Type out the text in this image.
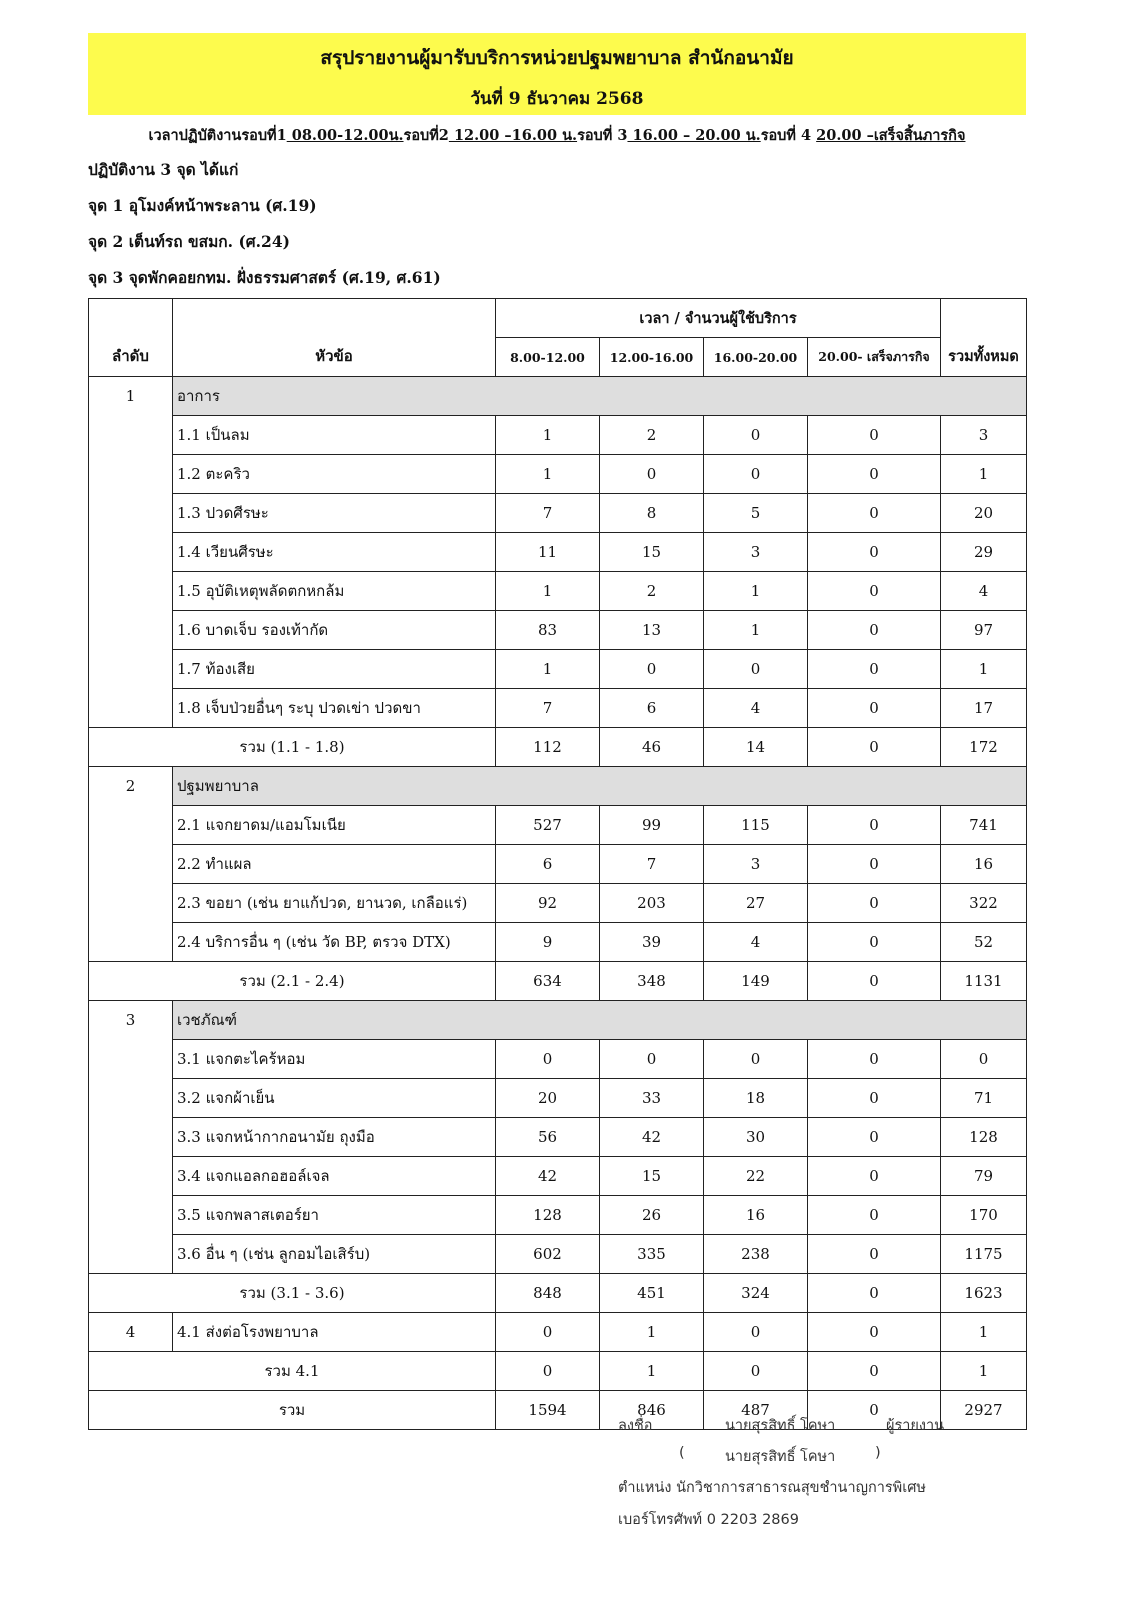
สรุปรายงานผู้มารับบริการหน่วยปฐมพยาบาล สำนักอนามัย
วันที่ 9 ธันวาคม 2568
เวลาปฏิบัติงานรอบที่1 08.00-12.00น.รอบที่2 12.00 –16.00 น.รอบที่ 3 16.00 – 20.00 น.รอบที่ 4 20.00 –เสร็จสิ้นภารกิจ
ปฏิบัติงาน 3 จุด ได้แก่
จุด 1 อุโมงค์หน้าพระลาน (ศ.19)
จุด 2 เต็นท์รถ ขสมก. (ศ.24)
จุด 3 จุดพักคอยกทม. ฝั่งธรรมศาสตร์ (ศ.19, ศ.61)
ลำดับ	หัวข้อ	เวลา / จำนวนผู้ใช้บริการ				รวมทั้งหมด
		8.00-12.00	12.00-16.00	16.00-20.00	20.00- เสร็จภารกิจ	
1	อาการ					
	1.1 เป็นลม	1	2	0	0	3
	1.2 ตะคริว	1	0	0	0	1
	1.3 ปวดศีรษะ	7	8	5	0	20
	1.4 เวียนศีรษะ	11	15	3	0	29
	1.5 อุบัติเหตุพลัดตกหกล้ม	1	2	1	0	4
	1.6 บาดเจ็บ รองเท้ากัด	83	13	1	0	97
	1.7 ท้องเสีย	1	0	0	0	1
	1.8 เจ็บป่วยอื่นๆ ระบุ ปวดเข่า ปวดขา	7	6	4	0	17
รวม (1.1 - 1.8)		112	46	14	0	172
2	ปฐมพยาบาล					
	2.1 แจกยาดม/แอมโมเนีย	527	99	115	0	741
	2.2 ทำแผล	6	7	3	0	16
	2.3 ขอยา (เช่น ยาแก้ปวด, ยานวด, เกลือแร่)	92	203	27	0	322
	2.4 บริการอื่น ๆ (เช่น วัด BP, ตรวจ DTX)	9	39	4	0	52
รวม (2.1 - 2.4)		634	348	149	0	1131
3	เวชภัณฑ์					
	3.1 แจกตะไคร้หอม	0	0	0	0	0
	3.2 แจกผ้าเย็น	20	33	18	0	71
	3.3 แจกหน้ากากอนามัย ถุงมือ	56	42	30	0	128
	3.4 แจกแอลกอฮอล์เจล	42	15	22	0	79
	3.5 แจกพลาสเตอร์ยา	128	26	16	0	170
	3.6 อื่น ๆ (เช่น ลูกอมไอเสิร์บ)	602	335	238	0	1175
รวม (3.1 - 3.6)		848	451	324	0	1623
4	4.1 ส่งต่อโรงพยาบาล	0	1	0	0	1
รวม 4.1		0	1	0	0	1
รวม		1594	846	487	0	2927
ลงชื่อ	นายสุรสิทธิ์ โคษา	ผู้รายงาน
(	นายสุรสิทธิ์ โคษา	)
ตำแหน่ง นักวิชาการสาธารณสุขชำนาญการพิเศษ
เบอร์โทรศัพท์ 0 2203 2869
